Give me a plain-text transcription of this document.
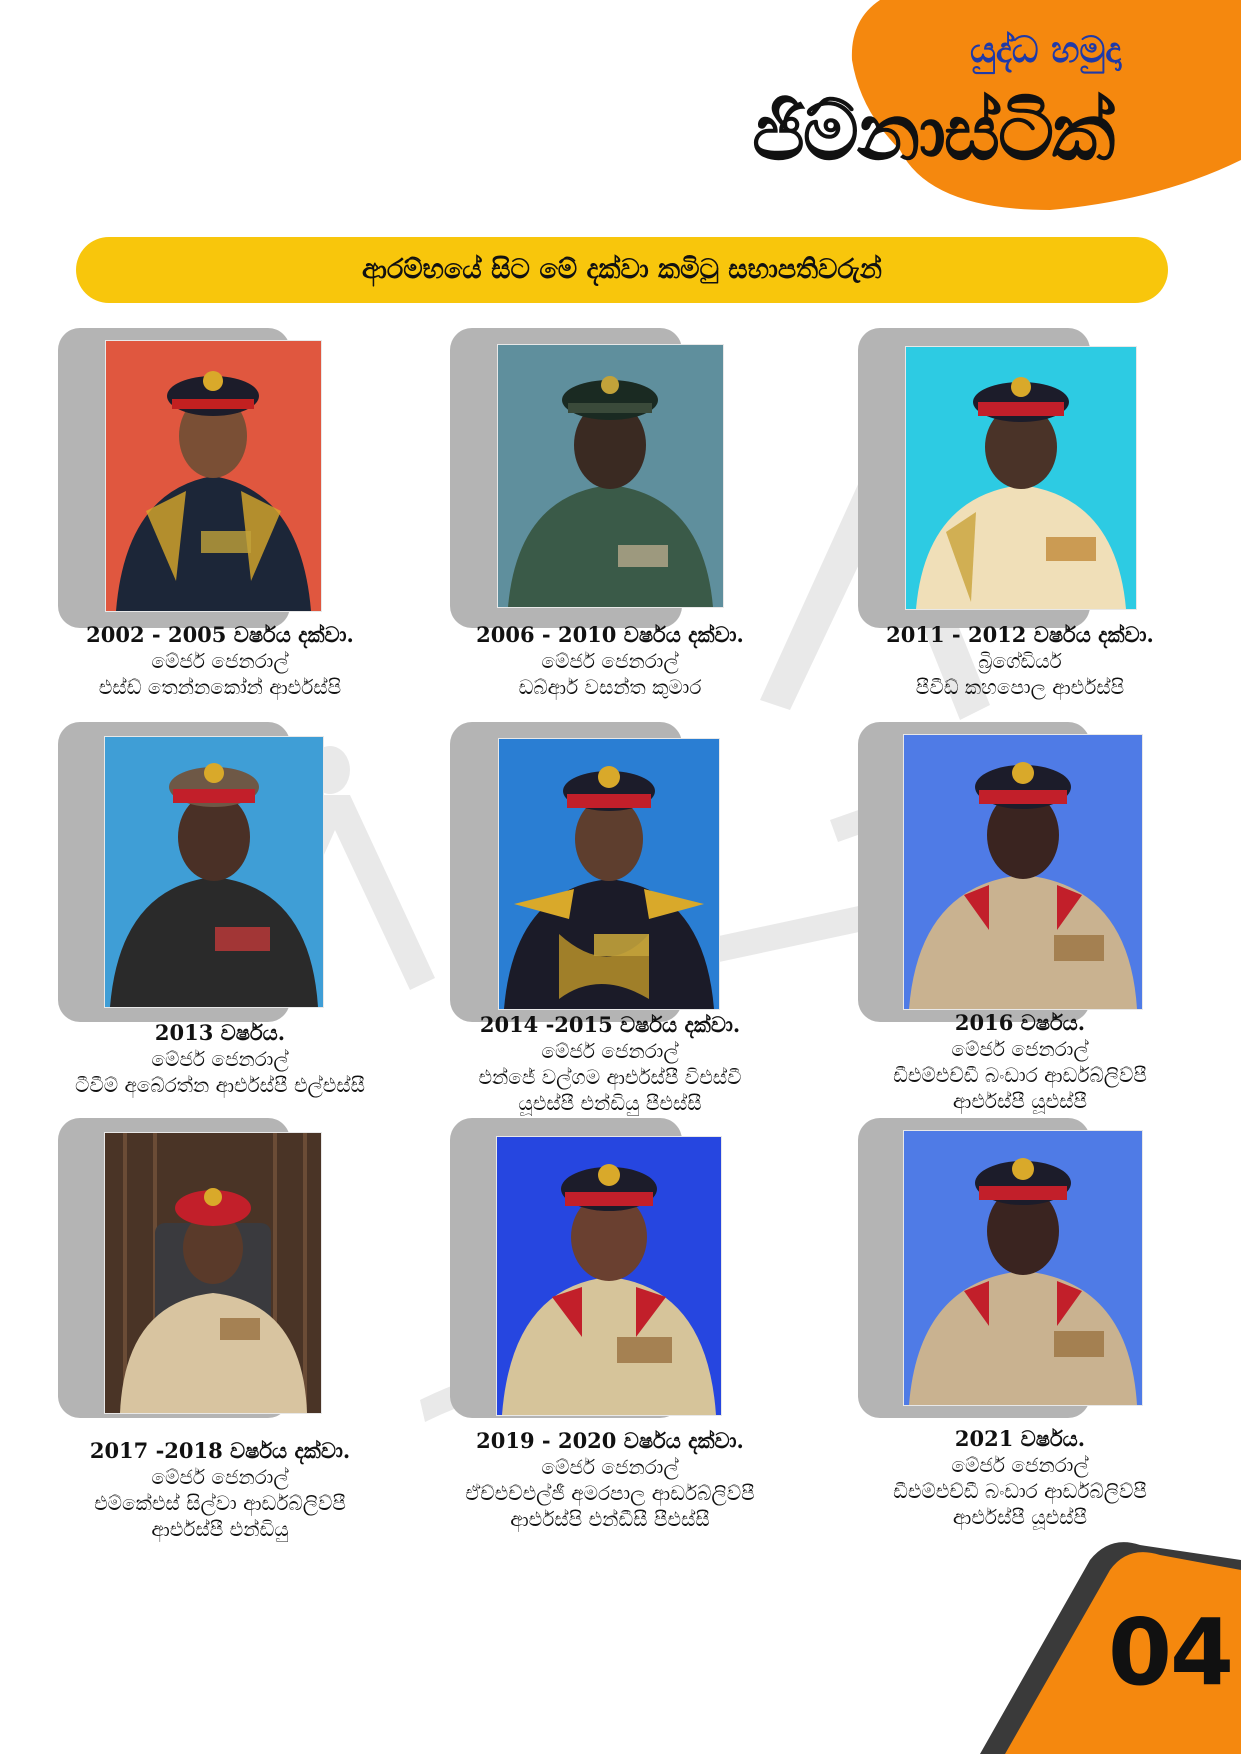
යුද්ධ හමුදා
ජිම්නාස්ටික්
ආරම්භයේ සිට මේ දක්වා කමිටු සභාපතිවරුන්
2002 - 2005 වර්ෂය දක්වා.
මේජර් ජෙනරාල්
එස්ඩ් තෙන්නකෝන් ආර්එස්පි
2006 - 2010 වර්ෂය දක්වා.
මේජර් ජෙනරාල්
ඩබ්ආර් වසන්ත කුමාර
2011 - 2012 වර්ෂය දක්වා.
බ්‍රිගේඩියර්
පීවීඩ් කහපොල ආර්එස්පි
2013 වර්ෂය.
මේජර් ජෙනරාල්
ටීවීම් අබේරත්න ආර්එස්පී එල්එස්සී
2014 -2015 වර්ෂය දක්වා.
මේජර් ජෙනරාල්
එන්ජේ වල්ගම ආර්එස්පී විඑස්වී
යූඑස්පී එන්ඩියු පීඑස්සී
2016 වර්ෂය.
මේජර් ජෙනරාල්
ඩීඑම්එච්ඩී බංඩාර ආර්ඩබ්ලිව්පී
ආර්එස්පී යූඑස්පී
2017 -2018 වර්ෂය දක්වා.
මේජර් ජෙනරාල්
එම්කේඑස් සිල්වා ආර්ඩබ්ලිව්පී
ආර්එස්පී එන්ඩියු
2019 - 2020 වර්ෂය දක්වා.
මේජර් ජෙනරාල්
ඒච්එච්එල්ජී අමරපාල ආර්ඩබ්ලිව්පී
ආර්එස්පි එන්ඩීසී පීඑස්සී
2021 වර්ෂය.
මේජර් ජෙනරාල්
ඩීඑම්එච්ඩී බංඩාර ආර්ඩබ්ලිව්පී
ආර්එස්පී යූඑස්පී
04
